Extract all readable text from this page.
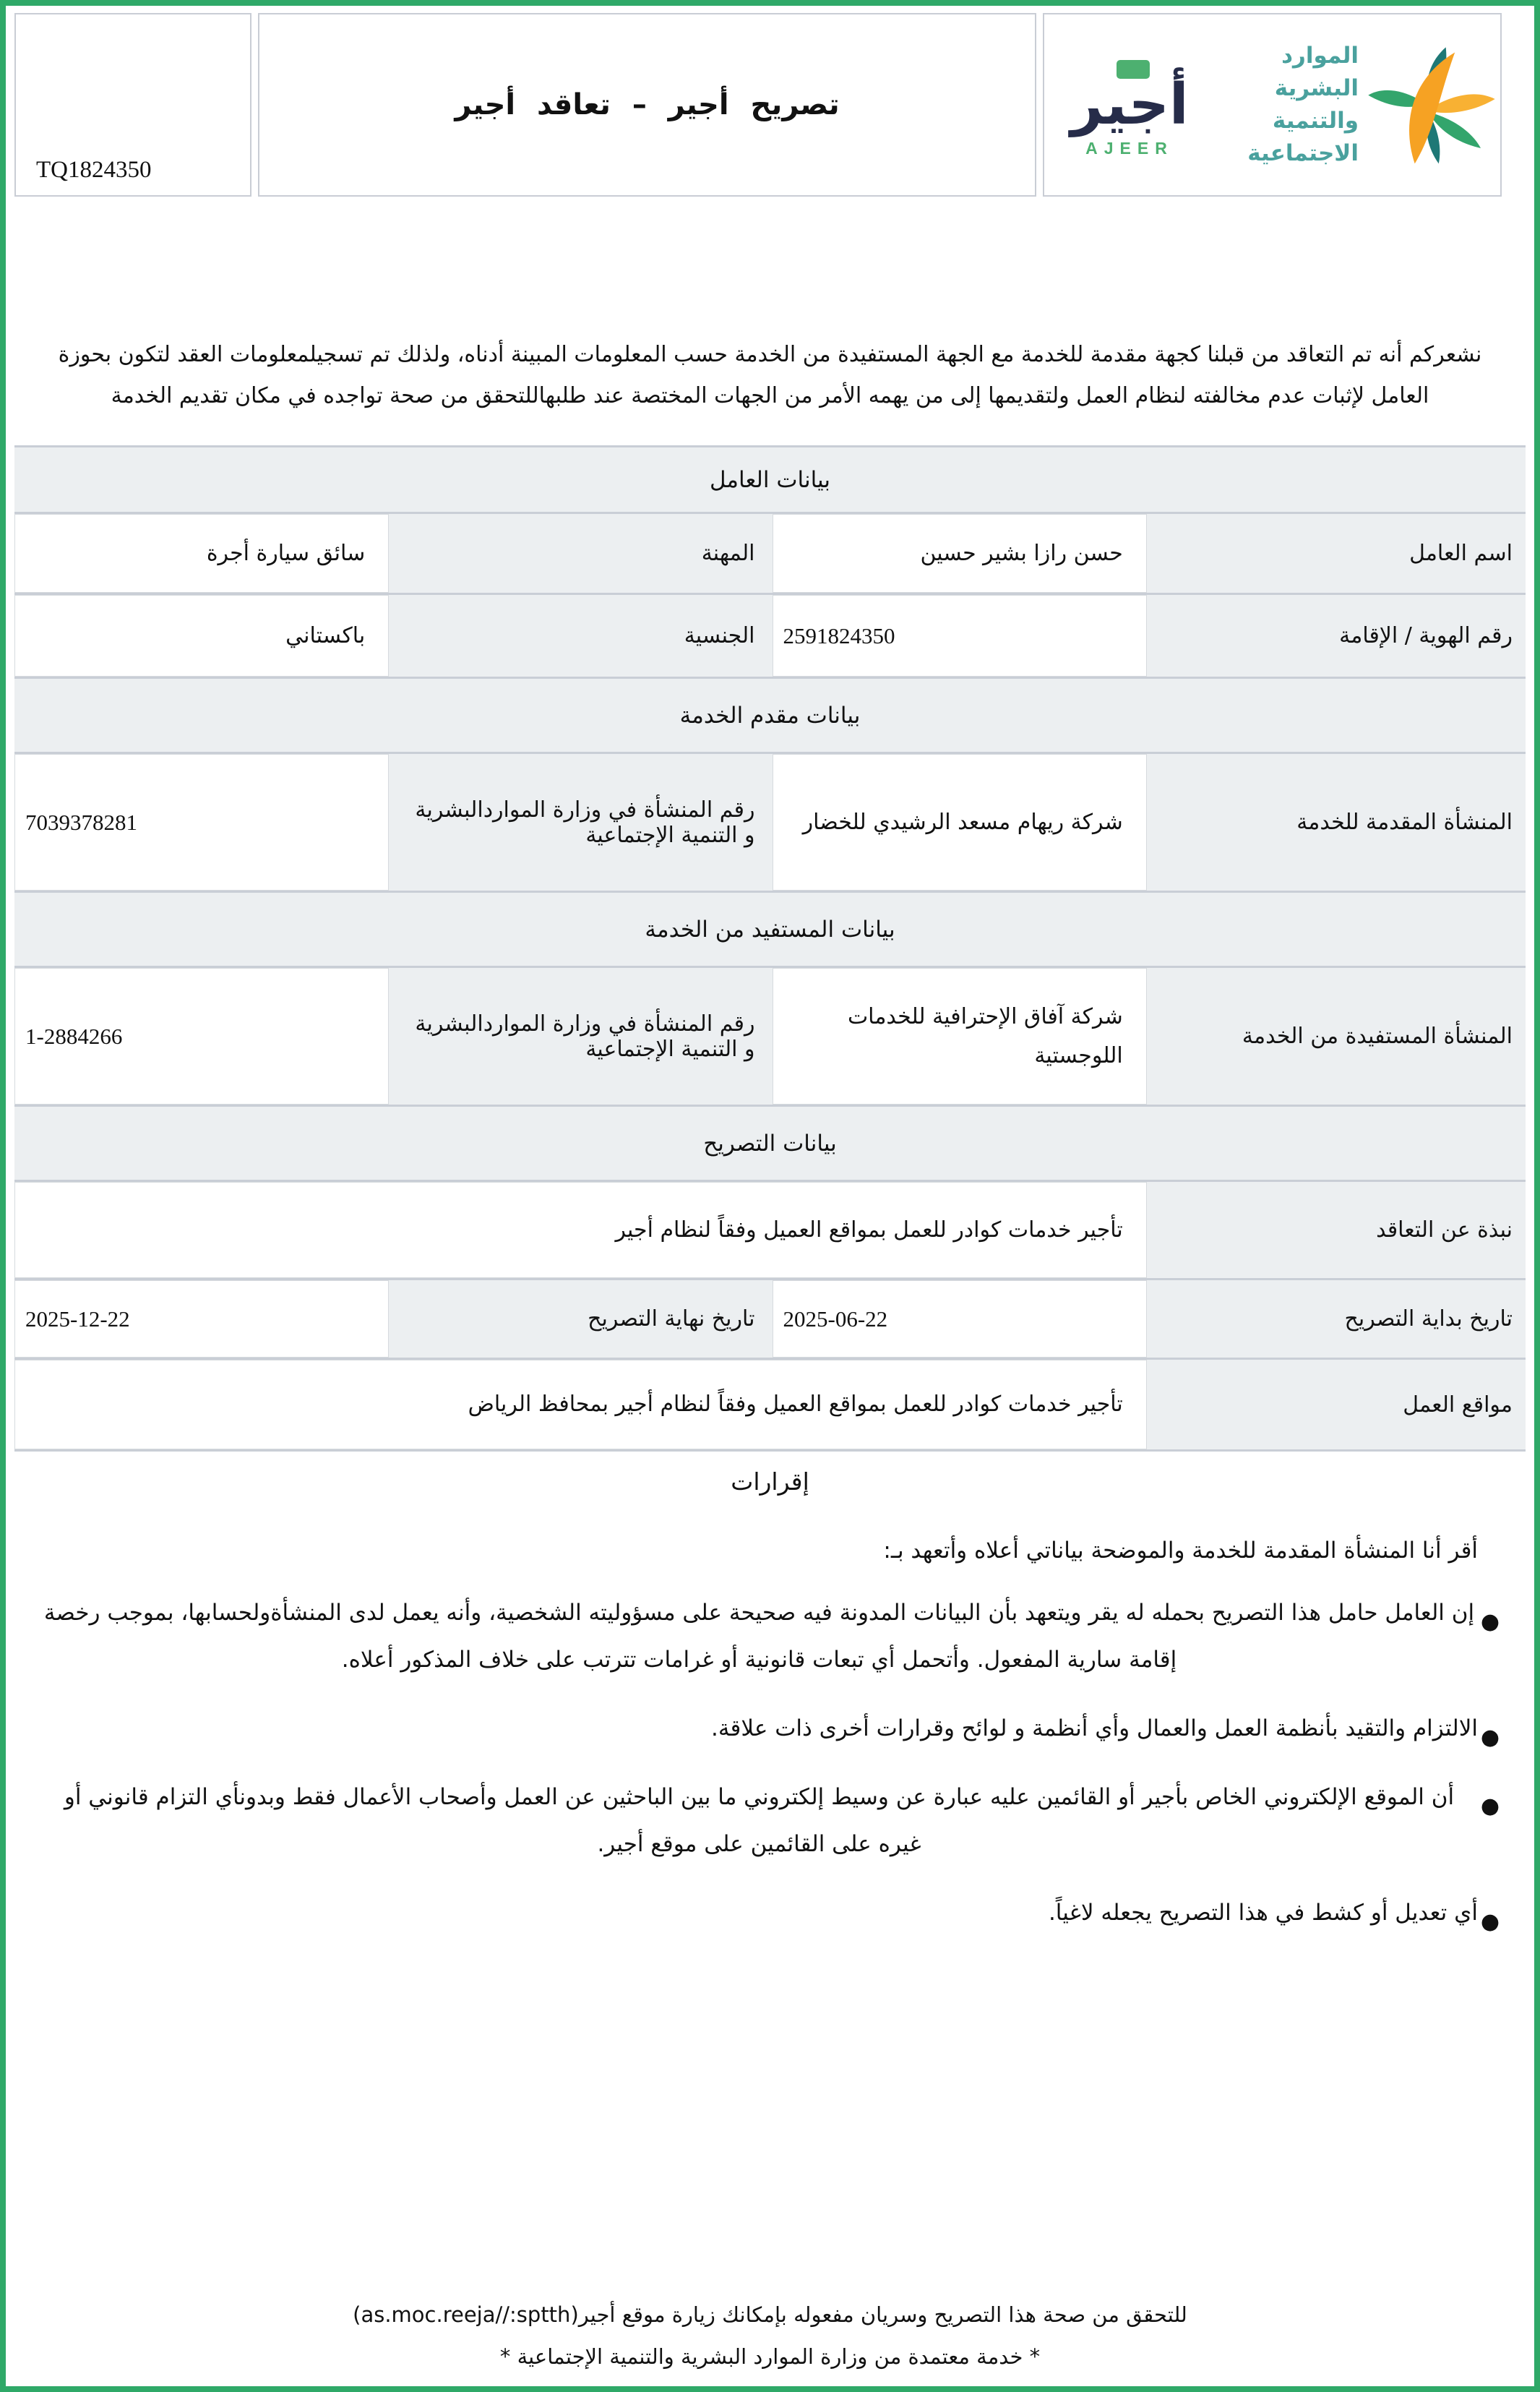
الموارد البشرية
والتنمية الاجتماعية
أجير
AJEER
تصريح أجير – تعاقد أجير
TQ1824350
نشعركم أنه تم التعاقد من قبلنا كجهة مقدمة للخدمة مع الجهة المستفيدة من الخدمة حسب المعلومات المبينة أدناه، ولذلك تم تسجيلمعلومات العقد لتكون بحوزة العامل لإثبات عدم مخالفته لنظام العمل ولتقديمها إلى من يهمه الأمر من الجهات المختصة عند طلبهاللتحقق من صحة تواجده في مكان تقديم الخدمة
بيانات العامل
اسم العامل
حسن رازا بشير حسين
المهنة
سائق سيارة أجرة
رقم الهوية / الإقامة
2591824350
الجنسية
باكستاني
بيانات مقدم الخدمة
المنشأة المقدمة للخدمة
شركة ريهام مسعد الرشيدي للخضار
رقم المنشأة في وزارة المواردالبشرية و التنمية الإجتماعية
7039378281
بيانات المستفيد من الخدمة
المنشأة المستفيدة من الخدمة
شركة آفاق الإحترافية للخدمات اللوجستية
رقم المنشأة في وزارة المواردالبشرية و التنمية الإجتماعية
1-2884266
بيانات التصريح
نبذة عن التعاقد
تأجير خدمات كوادر للعمل بمواقع العميل وفقاً لنظام أجير
تاريخ بداية التصريح
2025-06-22
تاريخ نهاية التصريح
2025-12-22
مواقع العمل
تأجير خدمات كوادر للعمل بمواقع العميل وفقاً لنظام أجير بمحافظ الرياض
إقرارات
أقر أنا المنشأة المقدمة للخدمة والموضحة بياناتي أعلاه وأتعهد بـ:
●
إن العامل حامل هذا التصريح بحمله له يقر ويتعهد بأن البيانات المدونة فيه صحيحة على مسؤوليته الشخصية، وأنه يعمل لدى المنشأةولحسابها، بموجب رخصة إقامة سارية المفعول. وأتحمل أي تبعات قانونية أو غرامات تترتب على خلاف المذكور أعلاه.
●
الالتزام والتقيد بأنظمة العمل والعمال وأي أنظمة و لوائح وقرارات أخرى ذات علاقة.
●
أن الموقع الإلكتروني الخاص بأجير أو القائمين عليه عبارة عن وسيط إلكتروني ما بين الباحثين عن العمل وأصحاب الأعمال فقط وبدونأي التزام قانوني أو غيره على القائمين على موقع أجير.
●
أي تعديل أو كشط في هذا التصريح يجعله لاغياً.
للتحقق من صحة هذا التصريح وسريان مفعوله بإمكانك زيارة موقع أجير(as.moc.reeja//:sptth)
* خدمة معتمدة من وزارة الموارد البشرية والتنمية الإجتماعية *
